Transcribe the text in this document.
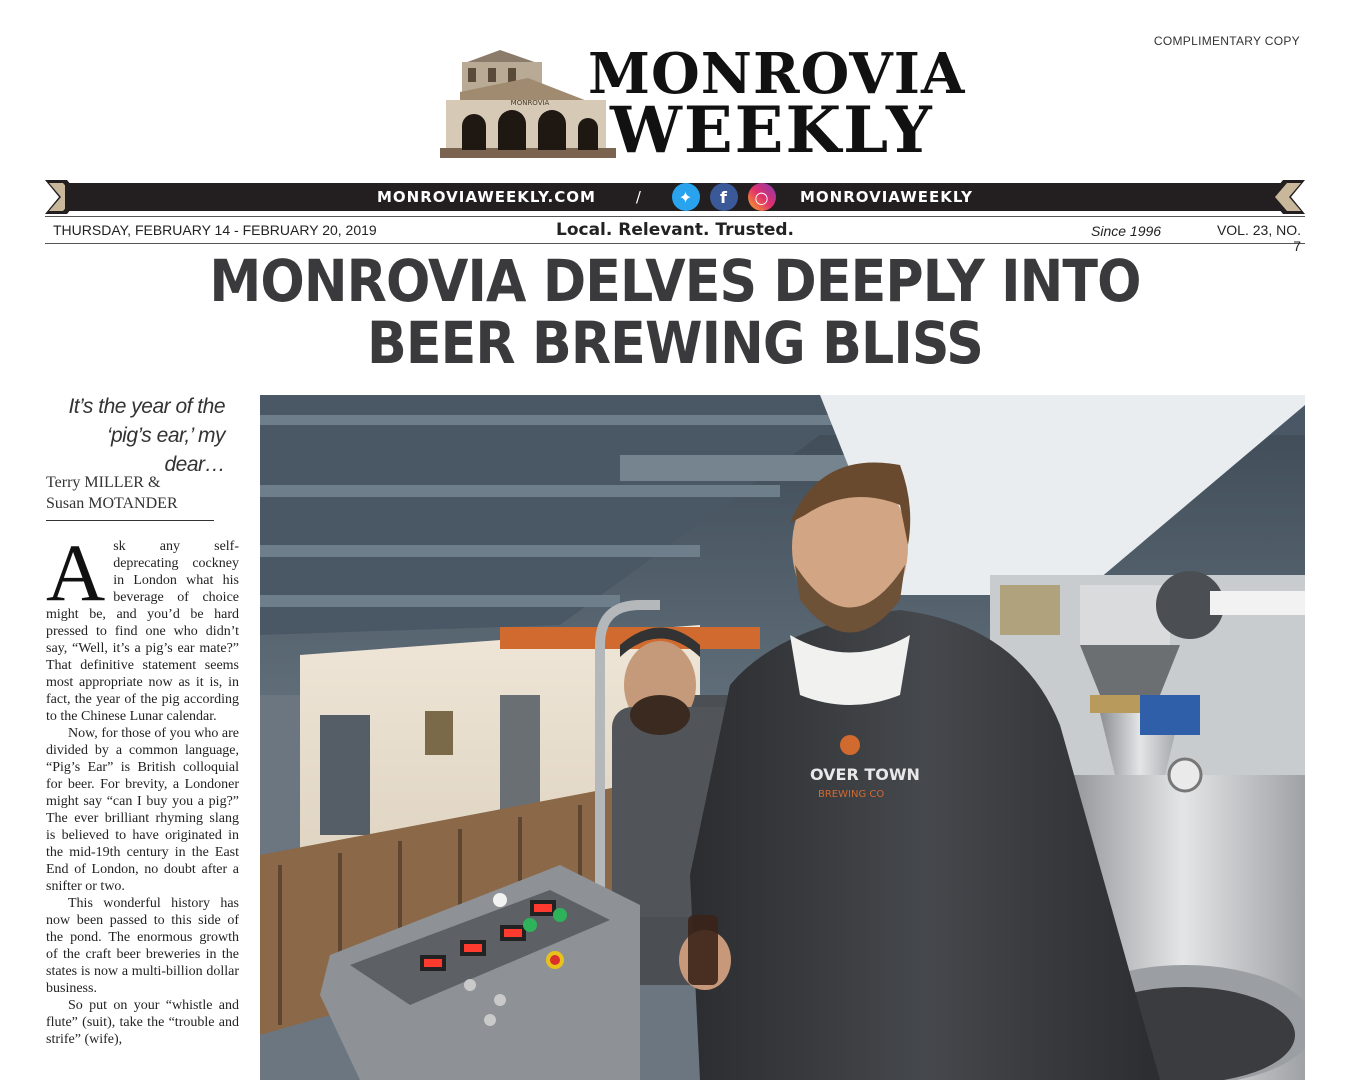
COMPLIMENTARY COPY
MONROVIA MONROVIA
WEEKLY
MONROVIAWEEKLY.COM	/	✦	f	○	MONROVIAWEEKLY
THURSDAY, FEBRUARY 14 - FEBRUARY 20, 2019	Local. Relevant. Trusted.	Since 1996	VOL. 23, NO. 7
MONROVIA DELVES DEEPLY INTO
BEER BREWING BLISS
It’s the year of the
‘pig’s ear,’ my dear…
Terry MILLER &
Susan MOTANDER

Ask any self-deprecating cockney in London what his beverage of choice might be, and you’d be hard pressed to find one who didn’t say, “Well, it’s a pig’s ear mate?” That definitive statement seems most appropriate now as it is, in fact, the year of the pig according to the Chinese Lunar calendar.

Now, for those of you who are divided by a common language, “Pig’s Ear” is British colloquial for beer. For brevity, a Londoner might say “can I buy you a pig?” The ever brilliant rhyming slang is believed to have originated in the mid-19th century in the East End of London, no doubt after a snifter or two.

This wonderful history has now been passed to this side of the pond. The enormous growth of the craft beer breweries in the states is now a multi-billion dollar business.

So put on your “whistle and flute” (suit), take the “trouble and strife” (wife),

OVER TOWN
BREWING CO
